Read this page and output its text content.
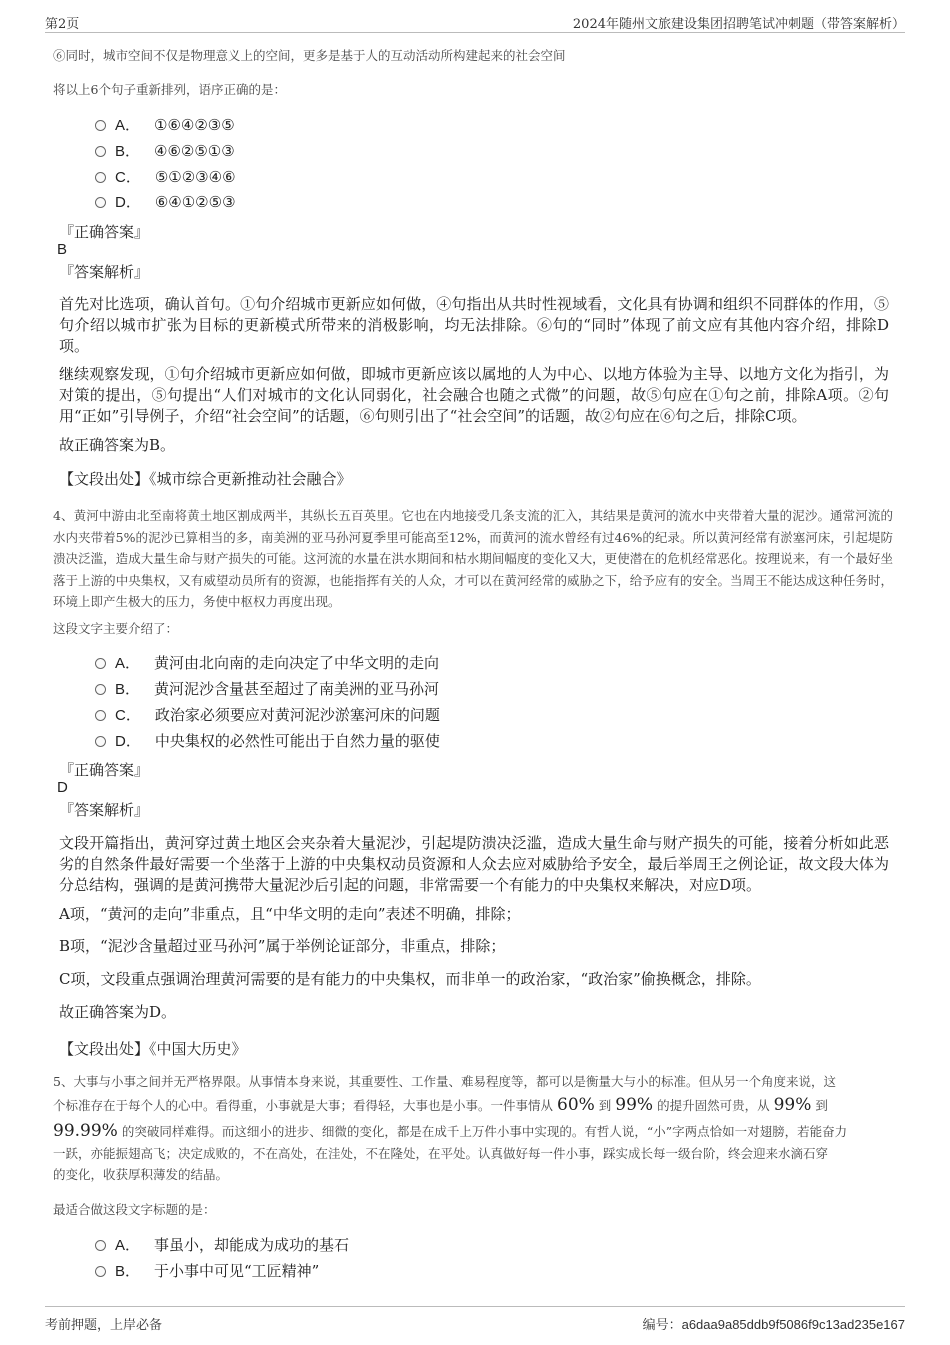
第2页	2024年随州文旅建设集团招聘笔试冲刺题（带答案解析）
⑥同时，城市空间不仅是物理意义上的空间，更多是基于人的互动活动所构建起来的社会空间
将以上6个句子重新排列，语序正确的是：
A． ①⑥④②③⑤
B． ④⑥②⑤①③
C． ⑤①②③④⑥
D． ⑥④①②⑤③
『正确答案』
B
『答案解析』
首先对比选项，确认首句。①句介绍城市更新应如何做，④句指出从共时性视域看，文化具有协调和组织不同群体的作用，⑤句介绍以城市扩张为目标的更新模式所带来的消极影响，均无法排除。⑥句的“同时”体现了前文应有其他内容介绍，排除D项。
继续观察发现，①句介绍城市更新应如何做，即城市更新应该以属地的人为中心、以地方体验为主导、以地方文化为指引，为对策的提出，⑤句提出“人们对城市的文化认同弱化，社会融合也随之式微”的问题，故⑤句应在①句之前，排除A项。②句用“正如”引导例子，介绍“社会空间”的话题，⑥句则引出了“社会空间”的话题，故②句应在⑥句之后，排除C项。
故正确答案为B。
【文段出处】《城市综合更新推动社会融合》
4、黄河中游由北至南将黄土地区割成两半，其纵长五百英里。它也在内地接受几条支流的汇入，其结果是黄河的流水中夹带着大量的泥沙。通常河流的水内夹带着5%的泥沙已算相当的多，南美洲的亚马孙河夏季里可能高至12%，而黄河的流水曾经有过46%的纪录。所以黄河经常有淤塞河床，引起堤防溃决泛滥，造成大量生命与财产损失的可能。这河流的水量在洪水期间和枯水期间幅度的变化又大，更使潜在的危机经常恶化。按理说来，有一个最好坐落于上游的中央集权，又有威望动员所有的资源，也能指挥有关的人众，才可以在黄河经常的威胁之下，给予应有的安全。当周王不能达成这种任务时，环境上即产生极大的压力，务使中枢权力再度出现。
这段文字主要介绍了：
A． 黄河由北向南的走向决定了中华文明的走向
B． 黄河泥沙含量甚至超过了南美洲的亚马孙河
C． 政治家必须要应对黄河泥沙淤塞河床的问题
D． 中央集权的必然性可能出于自然力量的驱使
『正确答案』
D
『答案解析』
文段开篇指出，黄河穿过黄土地区会夹杂着大量泥沙，引起堤防溃决泛滥，造成大量生命与财产损失的可能，接着分析如此恶劣的自然条件最好需要一个坐落于上游的中央集权动员资源和人众去应对威胁给予安全，最后举周王之例论证，故文段大体为分总结构，强调的是黄河携带大量泥沙后引起的问题，非常需要一个有能力的中央集权来解决，对应D项。
A项，“黄河的走向”非重点，且“中华文明的走向”表述不明确，排除；
B项，“泥沙含量超过亚马孙河”属于举例论证部分，非重点，排除；
C项，文段重点强调治理黄河需要的是有能力的中央集权，而非单一的政治家，“政治家”偷换概念，排除。
故正确答案为D。
【文段出处】《中国大历史》
5、大事与小事之间并无严格界限。从事情本身来说，其重要性、工作量、难易程度等，都可以是衡量大与小的标准。但从另一个角度来说，这
个标准存在于每个人的心中。看得重，小事就是大事；看得轻，大事也是小事。一件事情从 60% 到 99% 的提升固然可贵，从 99% 到
99.99% 的突破同样难得。而这细小的进步、细微的变化，都是在成千上万件小事中实现的。有哲人说，“小”字两点恰如一对翅膀，若能奋力
一跃，亦能振翅高飞；决定成败的，不在高处，在洼处，不在隆处，在平处。认真做好每一件小事，踩实成长每一级台阶，终会迎来水滴石穿
的变化，收获厚积薄发的结晶。
最适合做这段文字标题的是：
A． 事虽小，却能成为成功的基石
B． 于小事中可见“工匠精神”
考前押题，上岸必备	编号：a6daa9a85ddb9f5086f9c13ad235e167
